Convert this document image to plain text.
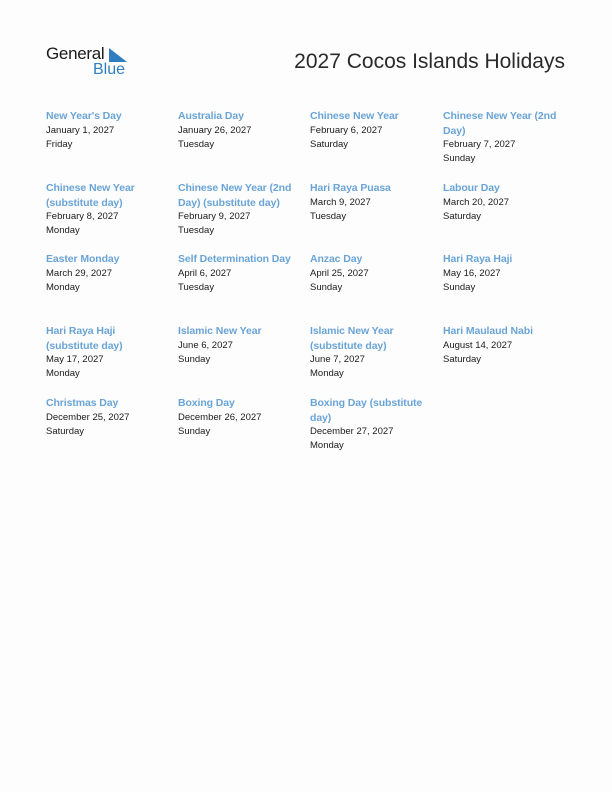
General
Blue	2027 Cocos Islands Holidays
New Year's Day
January 1, 2027
Friday
Australia Day
January 26, 2027
Tuesday
Chinese New Year
February 6, 2027
Saturday
Chinese New Year (2nd Day)
February 7, 2027
Sunday
Chinese New Year (substitute day)
February 8, 2027
Monday
Chinese New Year (2nd Day) (substitute day)
February 9, 2027
Tuesday
Hari Raya Puasa
March 9, 2027
Tuesday
Labour Day
March 20, 2027
Saturday
Easter Monday
March 29, 2027
Monday
Self Determination Day
April 6, 2027
Tuesday
Anzac Day
April 25, 2027
Sunday
Hari Raya Haji
May 16, 2027
Sunday
Hari Raya Haji (substitute day)
May 17, 2027
Monday
Islamic New Year
June 6, 2027
Sunday
Islamic New Year (substitute day)
June 7, 2027
Monday
Hari Maulaud Nabi
August 14, 2027
Saturday
Christmas Day
December 25, 2027
Saturday
Boxing Day
December 26, 2027
Sunday
Boxing Day (substitute day)
December 27, 2027
Monday
